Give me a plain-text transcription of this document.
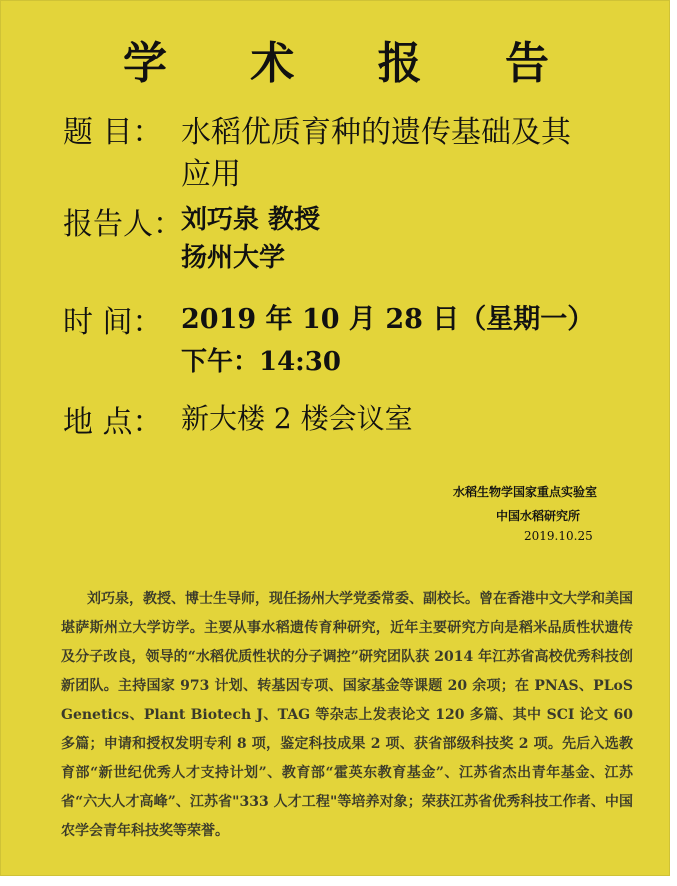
学 术 报 告
题 目： 水稻优质育种的遗传基础及其
应用
报告人：
刘巧泉 教授
扬州大学
时 间： 2019 年 10 月 28 日（星期一）
下午：14:30
地 点： 新大楼 2 楼会议室
水稻生物学国家重点实验室
中国水稻研究所
2019.10.25
刘巧泉，教授、博士生导师，现任扬州大学党委常委、副校长。曾在香港中文大学和美国堪萨斯州立大学访学。主要从事水稻遗传育种研究，近年主要研究方向是稻米品质性状遗传及分子改良，领导的“水稻优质性状的分子调控”研究团队获 2014 年江苏省高校优秀科技创新团队。主持国家 973 计划、转基因专项、国家基金等课题 20 余项；在 PNAS、PLoS Genetics、Plant Biotech J、TAG 等杂志上发表论文 120 多篇、其中 SCI 论文 60 多篇；申请和授权发明专利 8 项，鉴定科技成果 2 项、获省部级科技奖 2 项。先后入选教育部“新世纪优秀人才支持计划”、教育部“霍英东教育基金”、江苏省杰出青年基金、江苏省“六大人才高峰”、江苏省"333 人才工程"等培养对象；荣获江苏省优秀科技工作者、中国农学会青年科技奖等荣誉。
